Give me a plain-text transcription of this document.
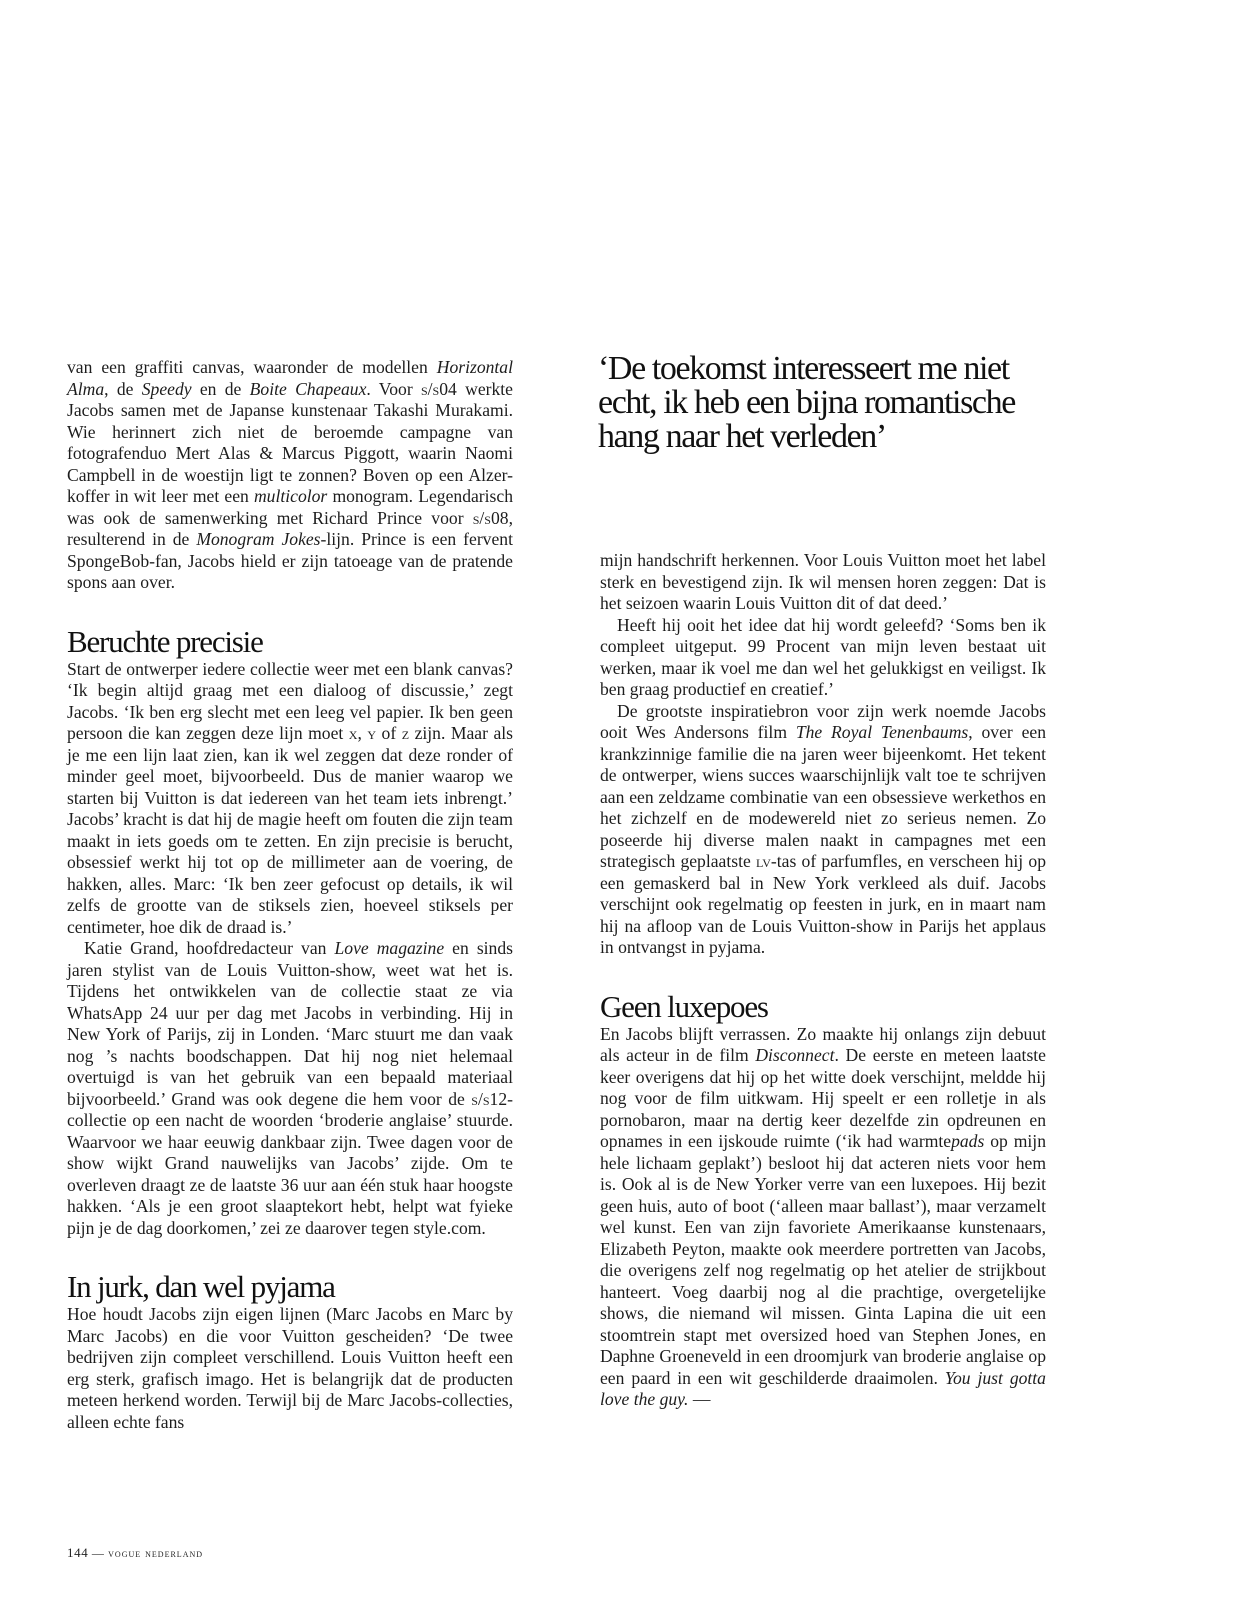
‘De toekomst interesseert me niet echt, ik heb een bijna romantische hang naar het verleden’

van een graffiti canvas, waaronder de modellen Horizontal Alma, de Speedy en de Boite Chapeaux. Voor s/s04 werkte Jacobs samen met de Japanse kunstenaar Takashi Murakami. Wie herinnert zich niet de beroemde campagne van fotografenduo Mert Alas & Marcus Piggott, waarin Naomi Campbell in de woestijn ligt te zonnen? Boven op een Alzer-koffer in wit leer met een multicolor monogram. Legendarisch was ook de samenwerking met Richard Prince voor s/s08, resulterend in de Monogram Jokes-lijn. Prince is een fervent SpongeBob-fan, Jacobs hield er zijn tatoeage van de pratende spons aan over.

Beruchte precisie

Start de ontwerper iedere collectie weer met een blank canvas? ‘Ik begin altijd graag met een dialoog of discussie,’ zegt Jacobs. ‘Ik ben erg slecht met een leeg vel papier. Ik ben geen persoon die kan zeggen deze lijn moet x, y of z zijn. Maar als je me een lijn laat zien, kan ik wel zeggen dat deze ronder of minder geel moet, bijvoorbeeld. Dus de manier waarop we starten bij Vuitton is dat iedereen van het team iets inbrengt.’ Jacobs’ kracht is dat hij de magie heeft om fouten die zijn team maakt in iets goeds om te zetten. En zijn precisie is berucht, obsessief werkt hij tot op de millimeter aan de voering, de hakken, alles. Marc: ‘Ik ben zeer gefocust op details, ik wil zelfs de grootte van de stiksels zien, hoeveel stiksels per centimeter, hoe dik de draad is.’

Katie Grand, hoofdredacteur van Love magazine en sinds jaren stylist van de Louis Vuitton-show, weet wat het is. Tijdens het ontwikkelen van de collectie staat ze via WhatsApp 24 uur per dag met Jacobs in verbinding. Hij in New York of Parijs, zij in Londen. ‘Marc stuurt me dan vaak nog ’s nachts boodschappen. Dat hij nog niet helemaal overtuigd is van het gebruik van een bepaald materiaal bijvoorbeeld.’ Grand was ook degene die hem voor de s/s12-collectie op een nacht de woorden ‘broderie anglaise’ stuurde. Waarvoor we haar eeuwig dankbaar zijn. Twee dagen voor de show wijkt Grand nauwelijks van Jacobs’ zijde. Om te overleven draagt ze de laatste 36 uur aan één stuk haar hoogste hakken. ‘Als je een groot slaaptekort hebt, helpt wat fyieke pijn je de dag doorkomen,’ zei ze daarover tegen style.com.

In jurk, dan wel pyjama

Hoe houdt Jacobs zijn eigen lijnen (Marc Jacobs en Marc by Marc Jacobs) en die voor Vuitton gescheiden? ‘De twee bedrijven zijn compleet verschillend. Louis Vuitton heeft een erg sterk, grafisch imago. Het is belangrijk dat de producten meteen herkend worden. Terwijl bij de Marc Jacobs-collecties, alleen echte fans

mijn handschrift herkennen. Voor Louis Vuitton moet het label sterk en bevestigend zijn. Ik wil mensen horen zeggen: Dat is het seizoen waarin Louis Vuitton dit of dat deed.’

Heeft hij ooit het idee dat hij wordt geleefd? ‘Soms ben ik compleet uitgeput. 99 Procent van mijn leven bestaat uit werken, maar ik voel me dan wel het gelukkigst en veiligst. Ik ben graag productief en creatief.’

De grootste inspiratiebron voor zijn werk noemde Jacobs ooit Wes Andersons film The Royal Tenenbaums, over een krankzinnige familie die na jaren weer bijeenkomt. Het tekent de ontwerper, wiens succes waarschijnlijk valt toe te schrijven aan een zeldzame combinatie van een obsessieve werkethos en het zichzelf en de modewereld niet zo serieus nemen. Zo poseerde hij diverse malen naakt in campagnes met een strategisch geplaatste lv-tas of parfumfles, en verscheen hij op een gemaskerd bal in New York verkleed als duif. Jacobs verschijnt ook regelmatig op feesten in jurk, en in maart nam hij na afloop van de Louis Vuitton-show in Parijs het applaus in ontvangst in pyjama.

Geen luxepoes

En Jacobs blijft verrassen. Zo maakte hij onlangs zijn debuut als acteur in de film Disconnect. De eerste en meteen laatste keer overigens dat hij op het witte doek verschijnt, meldde hij nog voor de film uitkwam. Hij speelt er een rolletje in als pornobaron, maar na dertig keer dezelfde zin opdreunen en opnames in een ijskoude ruimte (‘ik had warmtepads op mijn hele lichaam geplakt’) besloot hij dat acteren niets voor hem is. Ook al is de New Yorker verre van een luxepoes. Hij bezit geen huis, auto of boot (‘alleen maar ballast’), maar verzamelt wel kunst. Een van zijn favoriete Amerikaanse kunstenaars, Elizabeth Peyton, maakte ook meerdere portretten van Jacobs, die overigens zelf nog regelmatig op het atelier de strijkbout hanteert. Voeg daarbij nog al die prachtige, overgetelijke shows, die niemand wil missen. Ginta Lapina die uit een stoomtrein stapt met oversized hoed van Stephen Jones, en Daphne Groeneveld in een droomjurk van broderie anglaise op een paard in een wit geschilderde draaimolen. You just gotta love the guy. —

144 — vogue nederland
